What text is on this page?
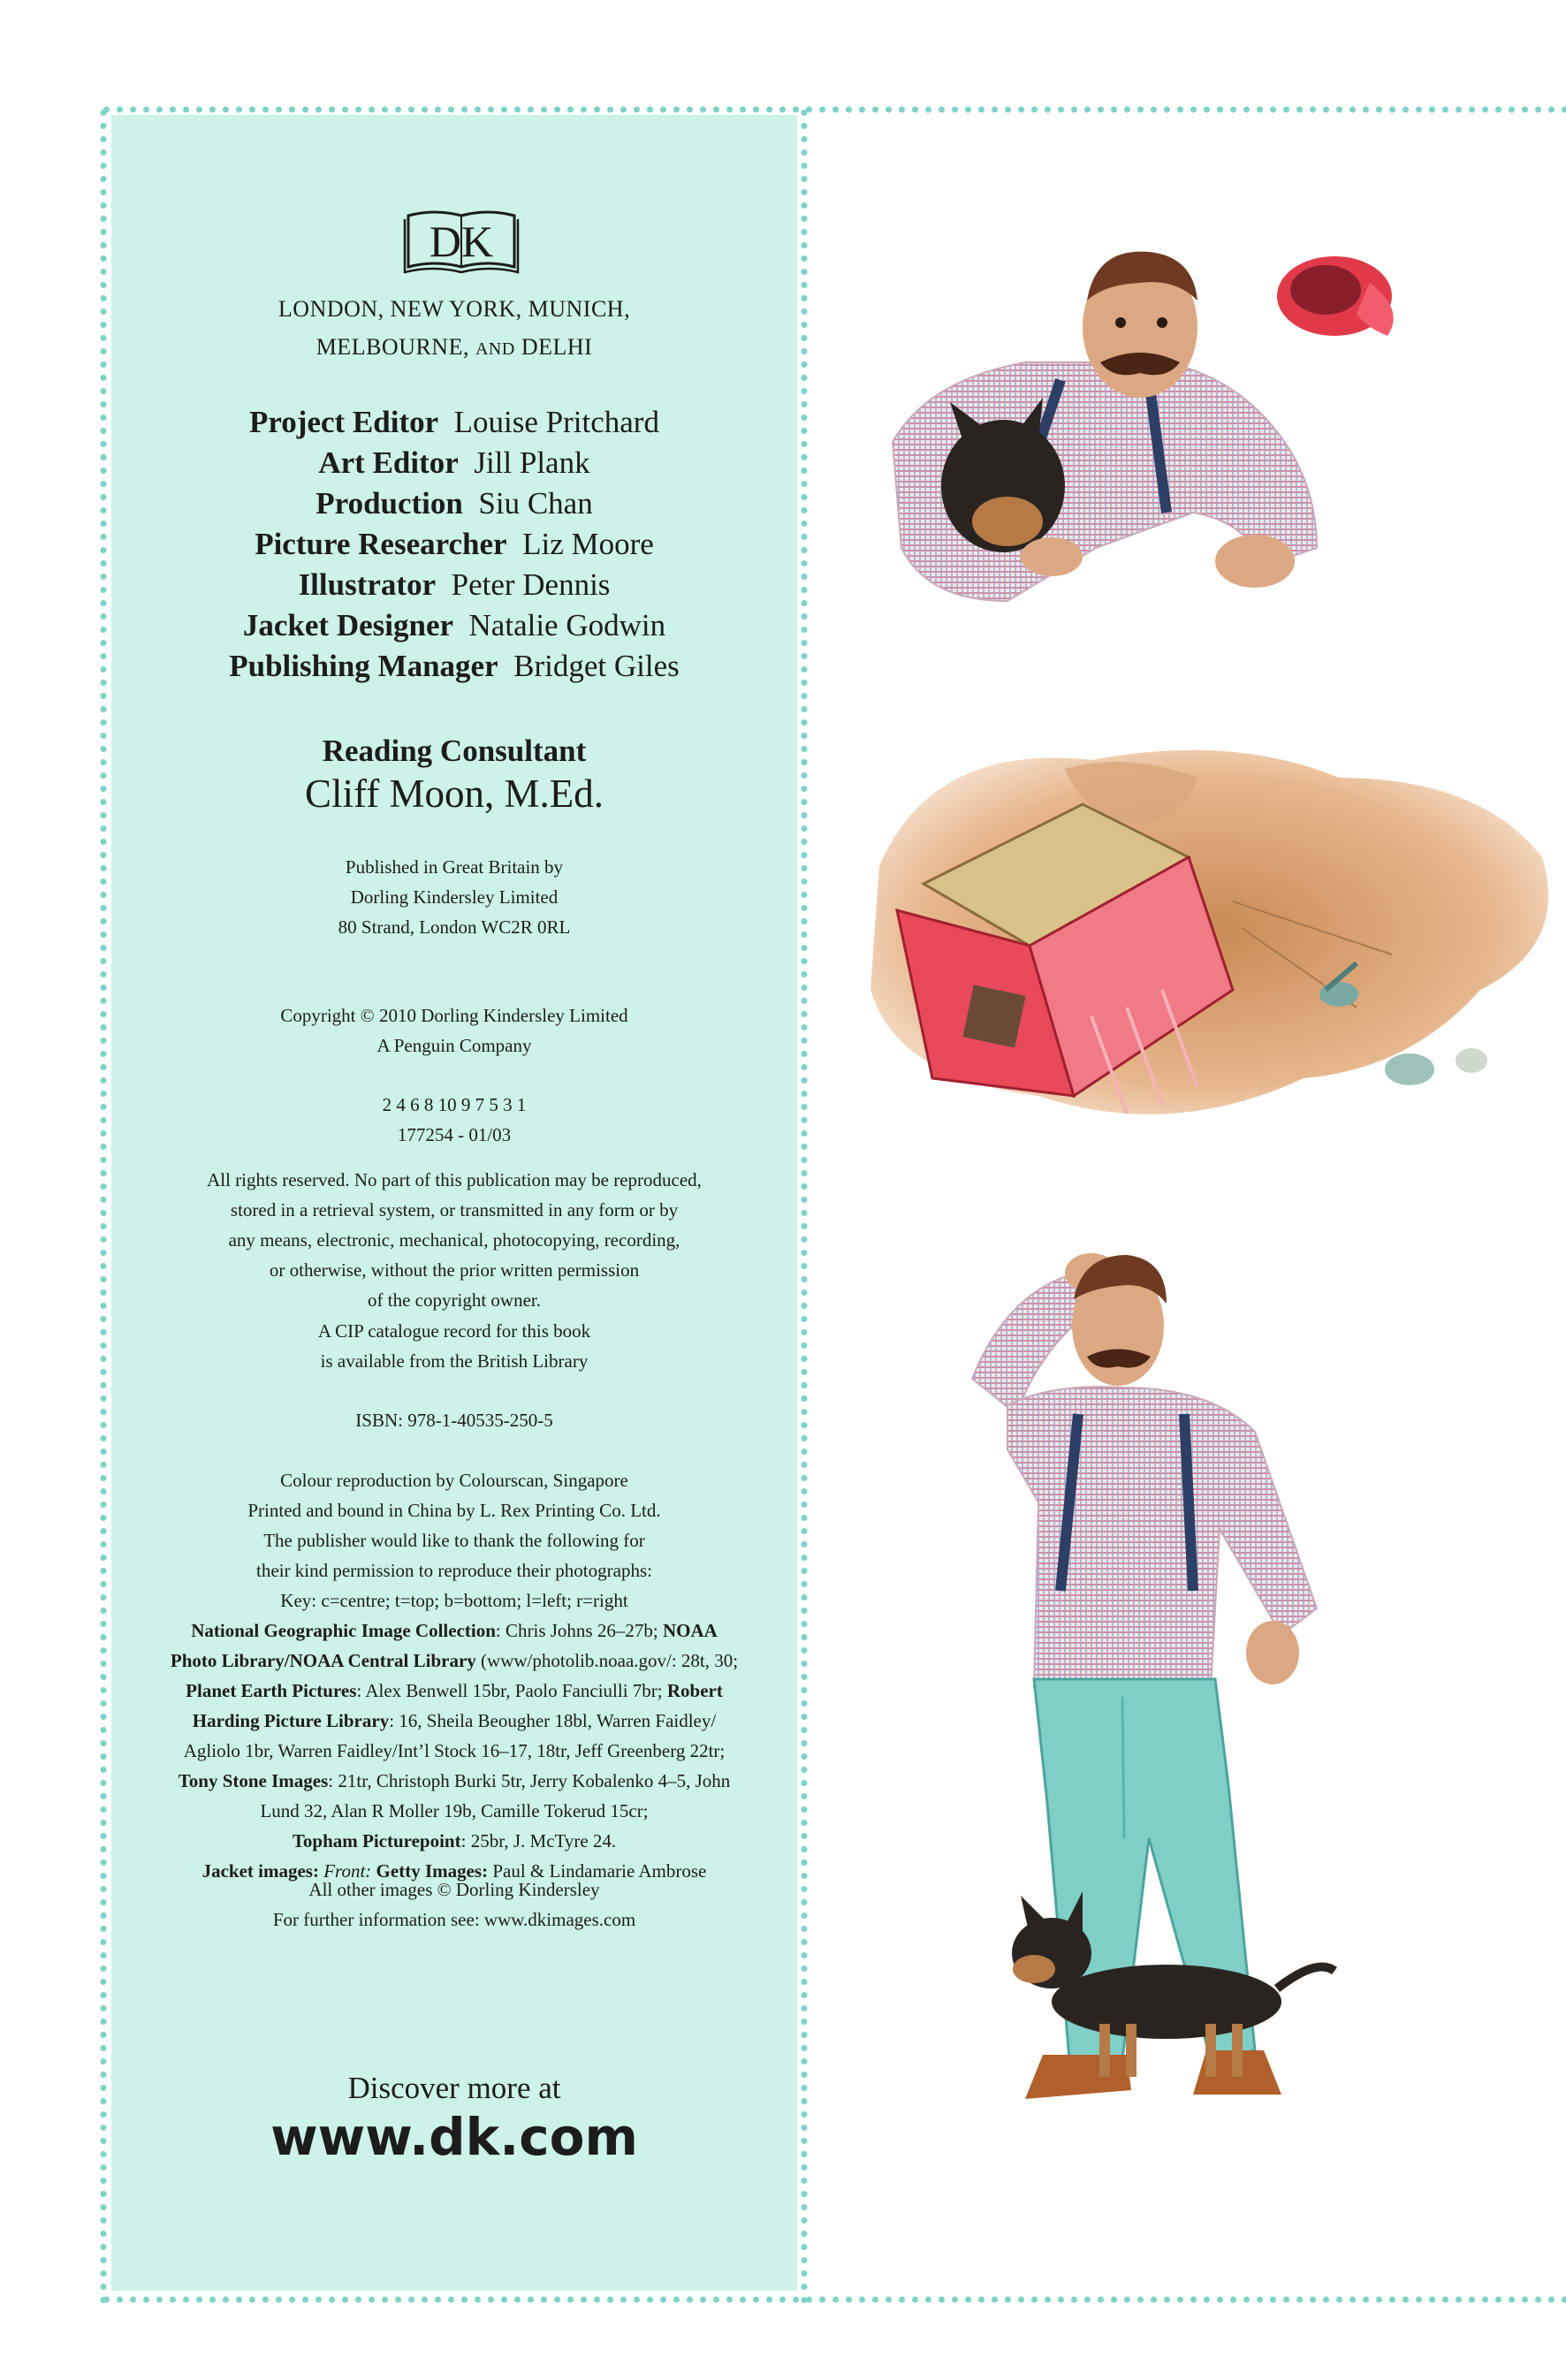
DK
LONDON, NEW YORK, MUNICH,
MELBOURNE, AND DELHI
Project Editor Louise Pritchard
Art Editor Jill Plank
Production Siu Chan
Picture Researcher Liz Moore
Illustrator Peter Dennis
Jacket Designer Natalie Godwin
Publishing Manager Bridget Giles
Reading Consultant
Cliff Moon, M.Ed.
Published in Great Britain by
Dorling Kindersley Limited
80 Strand, London WC2R 0RL
Copyright © 2010 Dorling Kindersley Limited
A Penguin Company
2 4 6 8 10 9 7 5 3 1
177254 - 01/03
All rights reserved. No part of this publication may be reproduced,
stored in a retrieval system, or transmitted in any form or by
any means, electronic, mechanical, photocopying, recording,
or otherwise, without the prior written permission
of the copyright owner.
A CIP catalogue record for this book
is available from the British Library
ISBN: 978-1-40535-250-5
Colour reproduction by Colourscan, Singapore
Printed and bound in China by L. Rex Printing Co. Ltd.
The publisher would like to thank the following for
their kind permission to reproduce their photographs:
Key: c=centre; t=top; b=bottom; l=left; r=right
National Geographic Image Collection: Chris Johns 26–27b; NOAA
Photo Library/NOAA Central Library (www/photolib.noaa.gov/: 28t, 30;
Planet Earth Pictures: Alex Benwell 15br, Paolo Fanciulli 7br; Robert
Harding Picture Library: 16, Sheila Beougher 18bl, Warren Faidley/
Agliolo 1br, Warren Faidley/Int’l Stock 16–17, 18tr, Jeff Greenberg 22tr;
Tony Stone Images: 21tr, Christoph Burki 5tr, Jerry Kobalenko 4–5, John
Lund 32, Alan R Moller 19b, Camille Tokerud 15cr;
Topham Picturepoint: 25br, J. McTyre 24.
Jacket images: Front: Getty Images: Paul & Lindamarie Ambrose
All other images © Dorling Kindersley
For further information see: www.dkimages.com
Discover more at
www.dk.com
